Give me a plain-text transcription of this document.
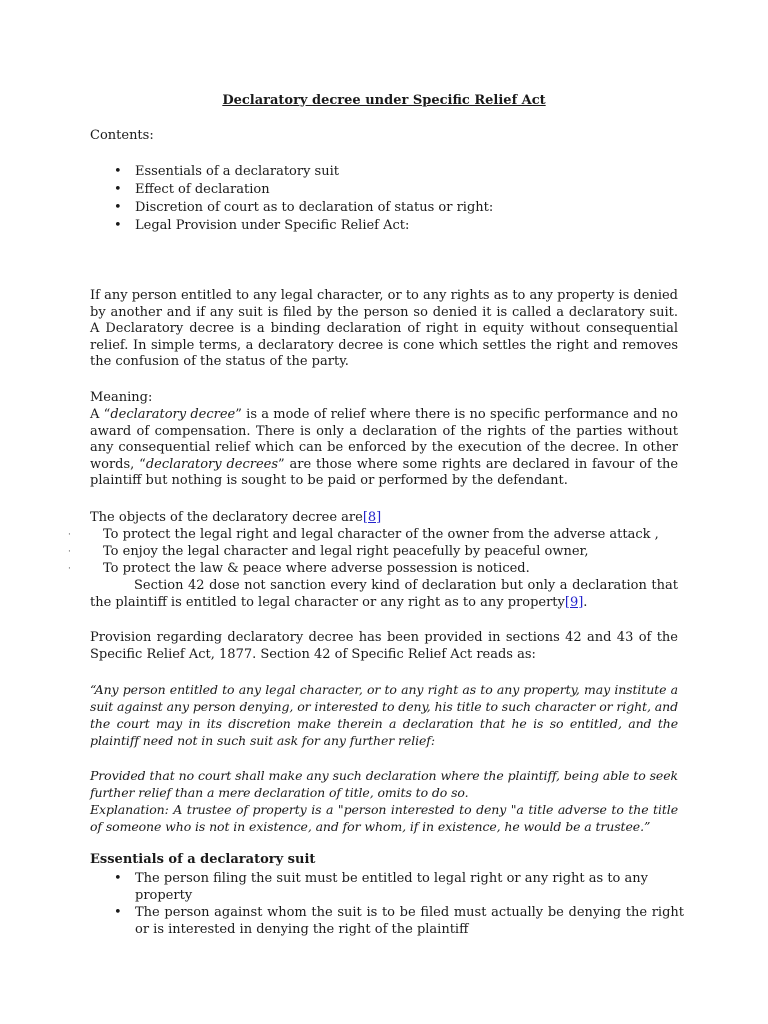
Declaratory decree under Specific Relief Act

Contents:

• Essentials of a declaratory suit
• Effect of declaration
• Discretion of court as to declaration of status or right:
• Legal Provision under Specific Relief Act:

If any person entitled to any legal character, or to any rights as to any property is denied by another and if any suit is filed by the person so denied it is called a declaratory suit. A Declaratory decree is a binding declaration of right in equity without consequential relief. In simple terms, a declaratory decree is cone which settles the right and removes the confusion of the status of the party.

Meaning:

A “declaratory decree” is a mode of relief where there is no specific performance and no award of compensation. There is only a declaration of the rights of the parties without any consequential relief which can be enforced by the execution of the decree. In other words, “declaratory decrees” are those where some rights are declared in favour of the plaintiff but nothing is sought to be paid or performed by the defendant.

The objects of the declaratory decree are[8]

· To protect the legal right and legal character of the owner from the adverse attack ,

· To enjoy the legal character and legal right peacefully by peaceful owner,

· To protect the law & peace where adverse possession is noticed.

Section 42 dose not sanction every kind of declaration but only a declaration that the plaintiff is entitled to legal character or any right as to any property[9].

Provision regarding declaratory decree has been provided in sections 42 and 43 of the Specific Relief Act, 1877. Section 42 of Specific Relief Act reads as:

“Any person entitled to any legal character, or to any right as to any property, may institute a suit against any person denying, or interested to deny, his title to such character or right, and the court may in its discretion make therein a declaration that he is so entitled, and the plaintiff need not in such suit ask for any further relief:

Provided that no court shall make any such declaration where the plaintiff, being able to seek further relief than a mere declaration of title, omits to do so.

Explanation: A trustee of property is a "person interested to deny "a title adverse to the title of someone who is not in existence, and for whom, if in existence, he would be a trustee.”

Essentials of a declaratory suit

• The person filing the suit must be entitled to legal right or any right as to any property
• The person against whom the suit is to be filed must actually be denying the right or is interested in denying the right of the plaintiff
